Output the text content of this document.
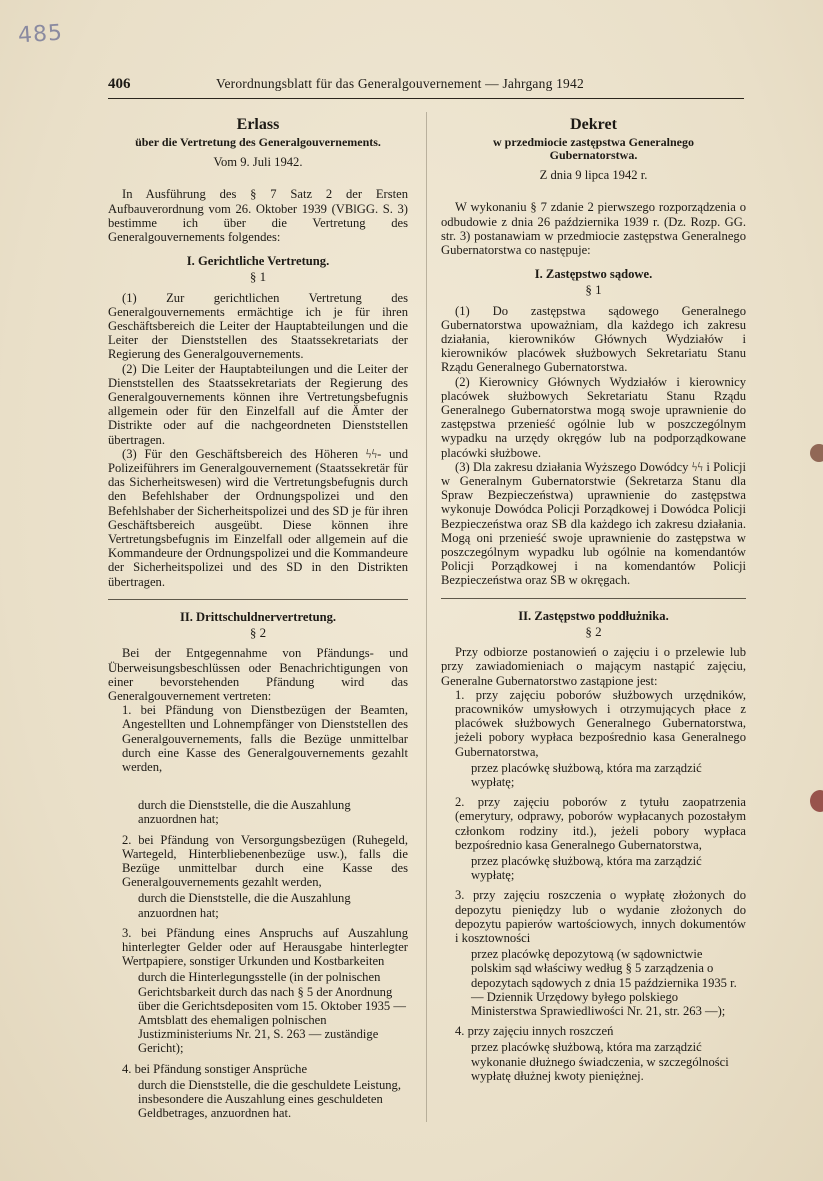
485
406	Verordnungsblatt für das Generalgouvernement — Jahrgang 1942
Erlass
über die Vertretung des Generalgouvernements.
Vom 9. Juli 1942.

In Ausführung des § 7 Satz 2 der Ersten Aufbauverordnung vom 26. Oktober 1939 (VBlGG. S. 3) bestimme ich über die Vertretung des Generalgouvernements folgendes:

I. Gerichtliche Vertretung.
§ 1

(1) Zur gerichtlichen Vertretung des Generalgouvernements ermächtige ich je für ihren Geschäftsbereich die Leiter der Hauptabteilungen und die Leiter der Dienststellen des Staatssekretariats der Regierung des Generalgouvernements.

(2) Die Leiter der Hauptabteilungen und die Leiter der Dienststellen des Staatssekretariats der Regierung des Generalgouvernements können ihre Vertretungsbefugnis allgemein oder für den Einzelfall auf die Ämter der Distrikte oder auf die nachgeordneten Dienststellen übertragen.

(3) Für den Geschäftsbereich des Höheren ϟϟ- und Polizeiführers im Generalgouvernement (Staatssekretär für das Sicherheitswesen) wird die Vertretungsbefugnis durch den Befehlshaber der Ordnungspolizei und den Befehlshaber der Sicherheitspolizei und des SD je für ihren Geschäftsbereich ausgeübt. Diese können ihre Vertretungsbefugnis im Einzelfall oder allgemein auf die Kommandeure der Ordnungspolizei und die Kommandeure der Sicherheitspolizei und des SD in den Distrikten übertragen.

II. Drittschuldnervertretung.
§ 2

Bei der Entgegennahme von Pfändungs- und Überweisungsbeschlüssen oder Benachrichtigungen von einer bevorstehenden Pfändung wird das Generalgouvernement vertreten:

1. bei Pfändung von Dienstbezügen der Beamten, Angestellten und Lohnempfänger von Dienststellen des Generalgouvernements, falls die Bezüge unmittelbar durch eine Kasse des Generalgouvernements gezahlt werden,

durch die Dienststelle, die die Auszahlung anzuordnen hat;

2. bei Pfändung von Versorgungsbezügen (Ruhegeld, Wartegeld, Hinterbliebenenbezüge usw.), falls die Bezüge unmittelbar durch eine Kasse des Generalgouvernements gezahlt werden,

durch die Dienststelle, die die Auszahlung anzuordnen hat;

3. bei Pfändung eines Anspruchs auf Auszahlung hinterlegter Gelder oder auf Herausgabe hinterlegter Wertpapiere, sonstiger Urkunden und Kostbarkeiten

durch die Hinterlegungsstelle (in der polnischen Gerichtsbarkeit durch das nach § 5 der Anordnung über die Gerichtsdepositen vom 15. Oktober 1935 — Amtsblatt des ehemaligen polnischen Justizministeriums Nr. 21, S. 263 — zuständige Gericht);

4. bei Pfändung sonstiger Ansprüche

durch die Dienststelle, die die geschuldete Leistung, insbesondere die Auszahlung eines geschuldeten Geldbetrages, anzuordnen hat.

Dekret
w przedmiocie zastępstwa Generalnego Gubernatorstwa.
Z dnia 9 lipca 1942 r.

W wykonaniu § 7 zdanie 2 pierwszego rozporządzenia o odbudowie z dnia 26 października 1939 r. (Dz. Rozp. GG. str. 3) postanawiam w przedmiocie zastępstwa Generalnego Gubernatorstwa co następuje:

I. Zastępstwo sądowe.
§ 1

(1) Do zastępstwa sądowego Generalnego Gubernatorstwa upoważniam, dla każdego ich zakresu działania, kierowników Głównych Wydziałów i kierowników placówek służbowych Sekretariatu Stanu Rządu Generalnego Gubernatorstwa.

(2) Kierownicy Głównych Wydziałów i kierownicy placówek służbowych Sekretariatu Stanu Rządu Generalnego Gubernatorstwa mogą swoje uprawnienie do zastępstwa przenieść ogólnie lub w poszczególnym wypadku na urzędy okręgów lub na podporządkowane placówki służbowe.

(3) Dla zakresu działania Wyższego Dowódcy ϟϟ i Policji w Generalnym Gubernatorstwie (Sekretarza Stanu dla Spraw Bezpieczeństwa) uprawnienie do zastępstwa wykonuje Dowódca Policji Porządkowej i Dowódca Policji Bezpieczeństwa oraz SB dla każdego ich zakresu działania. Mogą oni przenieść swoje uprawnienie do zastępstwa w poszczególnym wypadku lub ogólnie na komendantów Policji Porządkowej i na komendantów Policji Bezpieczeństwa oraz SB w okręgach.

II. Zastępstwo poddłużnika.
§ 2

Przy odbiorze postanowień o zajęciu i o przelewie lub przy zawiadomieniach o mającym nastąpić zajęciu, Generalne Gubernatorstwo zastąpione jest:

1. przy zajęciu poborów służbowych urzędników, pracowników umysłowych i otrzymujących płace z placówek służbowych Generalnego Gubernatorstwa, jeżeli pobory wypłaca bezpośrednio kasa Generalnego Gubernatorstwa,

przez placówkę służbową, która ma zarządzić wypłatę;

2. przy zajęciu poborów z tytułu zaopatrzenia (emerytury, odprawy, poborów wypłacanych pozostałym członkom rodziny itd.), jeżeli pobory wypłaca bezpośrednio kasa Generalnego Gubernatorstwa,

przez placówkę służbową, która ma zarządzić wypłatę;

3. przy zajęciu roszczenia o wypłatę złożonych do depozytu pieniędzy lub o wydanie złożonych do depozytu papierów wartościowych, innych dokumentów i kosztowności

przez placówkę depozytową (w sądownictwie polskim sąd właściwy według § 5 zarządzenia o depozytach sądowych z dnia 15 października 1935 r. — Dziennik Urzędowy byłego polskiego Ministerstwa Sprawiedliwości Nr. 21, str. 263 —);

4. przy zajęciu innych roszczeń

przez placówkę służbową, która ma zarządzić wykonanie dłużnego świadczenia, w szczególności wypłatę dłużnej kwoty pieniężnej.
